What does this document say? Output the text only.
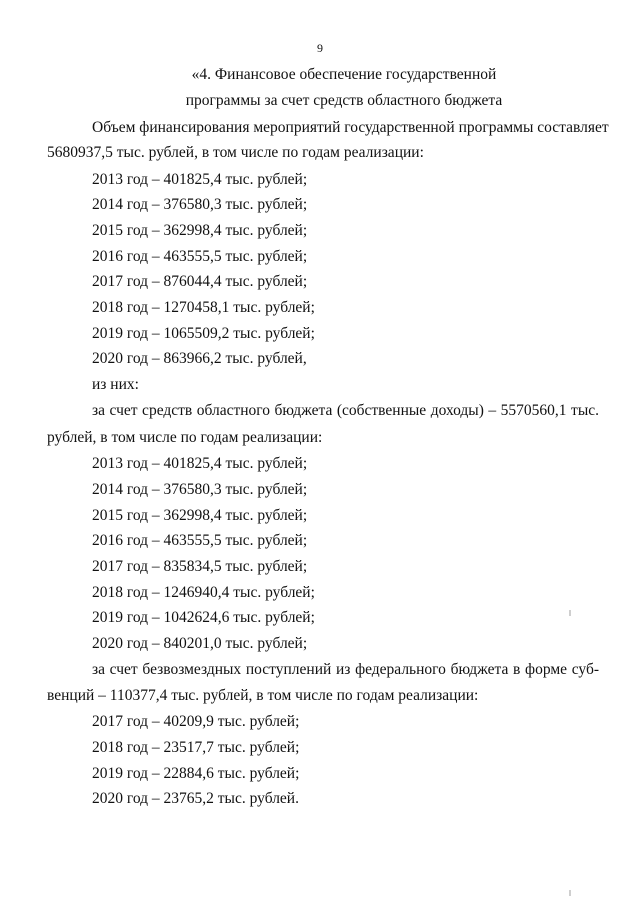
9
«4. Финансовое обеспечение государственной
программы за счет средств областного бюджета
Объем финансирования мероприятий государственной программы составляет
5680937,5 тыс. рублей, в том числе по годам реализации:
2013 год – 401825,4 тыс. рублей;
2014 год – 376580,3 тыс. рублей;
2015 год – 362998,4 тыс. рублей;
2016 год – 463555,5 тыс. рублей;
2017 год – 876044,4 тыс. рублей;
2018 год – 1270458,1 тыс. рублей;
2019 год – 1065509,2 тыс. рублей;
2020 год – 863966,2 тыс. рублей,
из них:
за счет средств областного бюджета (собственные доходы) – 5570560,1 тыс.
рублей, в том числе по годам реализации:
2013 год – 401825,4 тыс. рублей;
2014 год – 376580,3 тыс. рублей;
2015 год – 362998,4 тыс. рублей;
2016 год – 463555,5 тыс. рублей;
2017 год – 835834,5 тыс. рублей;
2018 год – 1246940,4 тыс. рублей;
2019 год – 1042624,6 тыс. рублей;
2020 год – 840201,0 тыс. рублей;
за счет безвозмездных поступлений из федерального бюджета в форме суб-
венций – 110377,4 тыс. рублей, в том числе по годам реализации:
2017 год – 40209,9 тыс. рублей;
2018 год – 23517,7 тыс. рублей;
2019 год – 22884,6 тыс. рублей;
2020 год – 23765,2 тыс. рублей.
